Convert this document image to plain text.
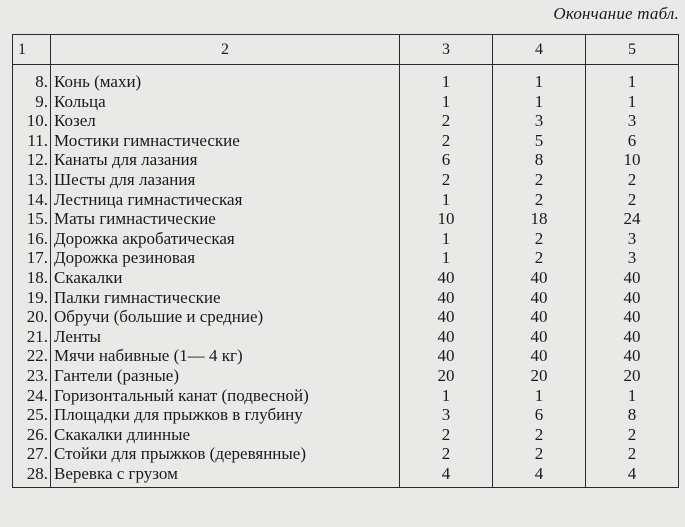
Окончание табл.
1	2	3	4	5
8.	Конь (махи)	1	1	1
9.	Кольца	1	1	1
10.	Козел	2	3	3
11.	Мостики гимнастические	2	5	6
12.	Канаты для лазания	6	8	10
13.	Шесты для лазания	2	2	2
14.	Лестница гимнастическая	1	2	2
15.	Маты гимнастические	10	18	24
16.	Дорожка акробатическая	1	2	3
17.	Дорожка резиновая	1	2	3
18.	Скакалки	40	40	40
19.	Палки гимнастические	40	40	40
20.	Обручи (большие и средние)	40	40	40
21.	Ленты	40	40	40
22.	Мячи набивные (1— 4 кг)	40	40	40
23.	Гантели (разные)	20	20	20
24.	Горизонтальный канат (подвесной)	1	1	1
25.	Площадки для прыжков в глубину	3	6	8
26.	Скакалки длинные	2	2	2
27.	Стойки для прыжков (деревянные)	2	2	2
28.	Веревка с грузом	4	4	4
